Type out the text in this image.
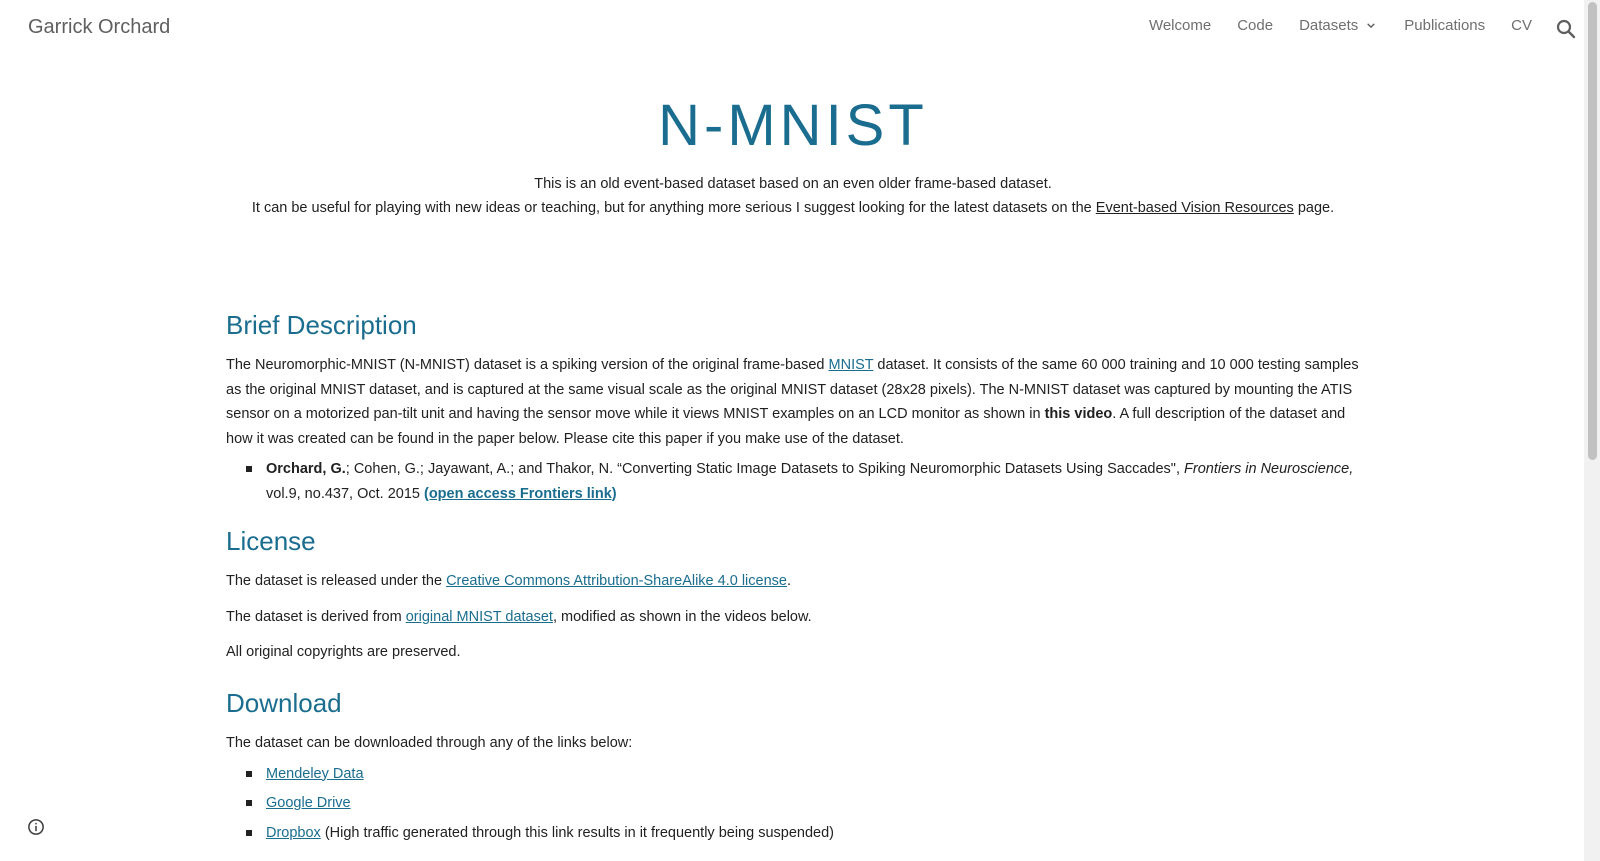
Garrick Orchard	Welcome Code Datasets	Publications CV
N-MNIST
This is an old event-based dataset based on an even older frame-based dataset.
It can be useful for playing with new ideas or teaching, but for anything more serious I suggest looking for the latest datasets on the Event-based Vision Resources page.
Brief Description

The Neuromorphic-MNIST (N-MNIST) dataset is a spiking version of the original frame-based MNIST dataset. It consists of the same 60 000 training and 10 000 testing samples as the original MNIST dataset, and is captured at the same visual scale as the original MNIST dataset (28x28 pixels). The N-MNIST dataset was captured by mounting the ATIS sensor on a motorized pan-tilt unit and having the sensor move while it views MNIST examples on an LCD monitor as shown in this video. A full description of the dataset and how it was created can be found in the paper below. Please cite this paper if you make use of the dataset.

Orchard, G.; Cohen, G.; Jayawant, A.; and Thakor, N. “Converting Static Image Datasets to Spiking Neuromorphic Datasets Using Saccades", Frontiers in Neuroscience, vol.9, no.437, Oct. 2015 (open access Frontiers link)
License

The dataset is released under the Creative Commons Attribution-ShareAlike 4.0 license.

The dataset is derived from original MNIST dataset, modified as shown in the videos below.

All original copyrights are preserved.

Download

The dataset can be downloaded through any of the links below:

Mendeley Data
Google Drive
Dropbox (High traffic generated through this link results in it frequently being suspended)
